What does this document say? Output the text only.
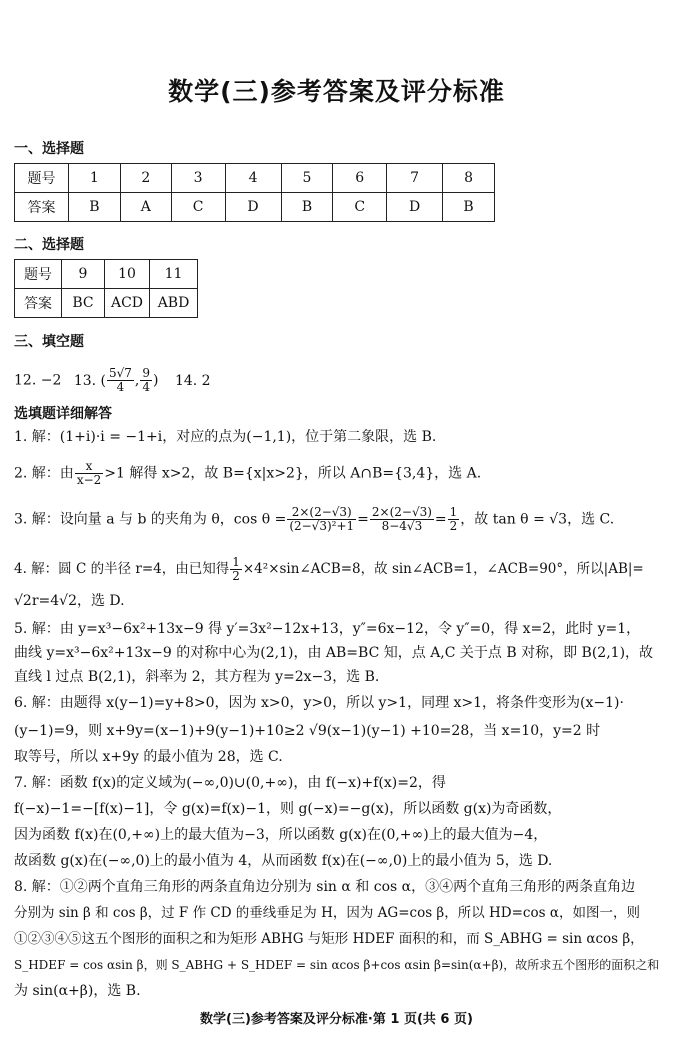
数学(三)参考答案及评分标准
一、选择题
题号	1	2	3	4	5	6	7	8
答案	B	A	C	D	B	C	D	B
二、选择题
题号	9	10	11
答案	BC	ACD	ABD
三、填空题
12. −2 13. ( $\frac{5√7}{4}$ , $\frac{9}{4}$ ) 14. 2
选填题详细解答
1. 解：(1+i)·i = −1+i，对应的点为(−1,1)，位于第二象限，选 B.
2. 解：由 $\frac{x}{x-2} >1$ 解得 x>2，故 B={x|x>2}，所以 A∩B={3,4}，选 A.
3. 解：设向量 a 与 b 的夹角为 θ，$\cos \theta = \frac{2\times(2-√3)}{\text{(2−√3)²+1}} = \frac{2\times(2-√3)}{8-4√3} = \frac{1}{2}$ ，故 tan θ = √3，选 C.
4. 解：圆 C 的半径 r=4，由已知得 $\frac{1}{2}$ ×4²×sin∠ACB=8，故 sin∠ACB=1，∠ACB=90°，所以|AB|=
√2r=4√2，选 D.
5. 解：由 y=x³−6x²+13x−9 得 y′=3x²−12x+13，y″=6x−12，令 y″=0，得 x=2，此时 y=1，
曲线 y=x³−6x²+13x−9 的对称中心为(2,1)，由 AB=BC 知，点 A,C 关于点 B 对称，即 B(2,1)，故
直线 l 过点 B(2,1)，斜率为 2，其方程为 y=2x−3，选 B.
6. 解：由题得 x(y−1)=y+8>0，因为 x>0，y>0，所以 y>1，同理 x>1，将条件变形为(x−1)·
(y−1)=9，则 x+9y=(x−1)+9(y−1)+10≥2 √9(x−1)(y−1) +10=28，当 x=10，y=2 时
取等号，所以 x+9y 的最小值为 28，选 C.
7. 解：函数 f(x)的定义域为(−∞,0)∪(0,+∞)，由 f(−x)+f(x)=2，得
f(−x)−1=−[f(x)−1]，令 g(x)=f(x)−1，则 g(−x)=−g(x)，所以函数 g(x)为奇函数，
因为函数 f(x)在(0,+∞)上的最大值为−3，所以函数 g(x)在(0,+∞)上的最大值为−4，
故函数 g(x)在(−∞,0)上的最小值为 4，从而函数 f(x)在(−∞,0)上的最小值为 5，选 D.
8. 解：①②两个直角三角形的两条直角边分别为 sin α 和 cos α，③④两个直角三角形的两条直角边
分别为 sin β 和 cos β，过 F 作 CD 的垂线垂足为 H，因为 AG=cos β，所以 HD=cos α，如图一，则
①②③④⑤这五个图形的面积之和为矩形 ABHG 与矩形 HDEF 面积的和，而 S_ABHG = sin αcos β，
S_HDEF = cos αsin β，则 S_ABHG + S_HDEF = sin αcos β+cos αsin β=sin(α+β)，故所求五个图形的面积之和
为 sin(α+β)，选 B.
数学(三)参考答案及评分标准·第 1 页(共 6 页)
